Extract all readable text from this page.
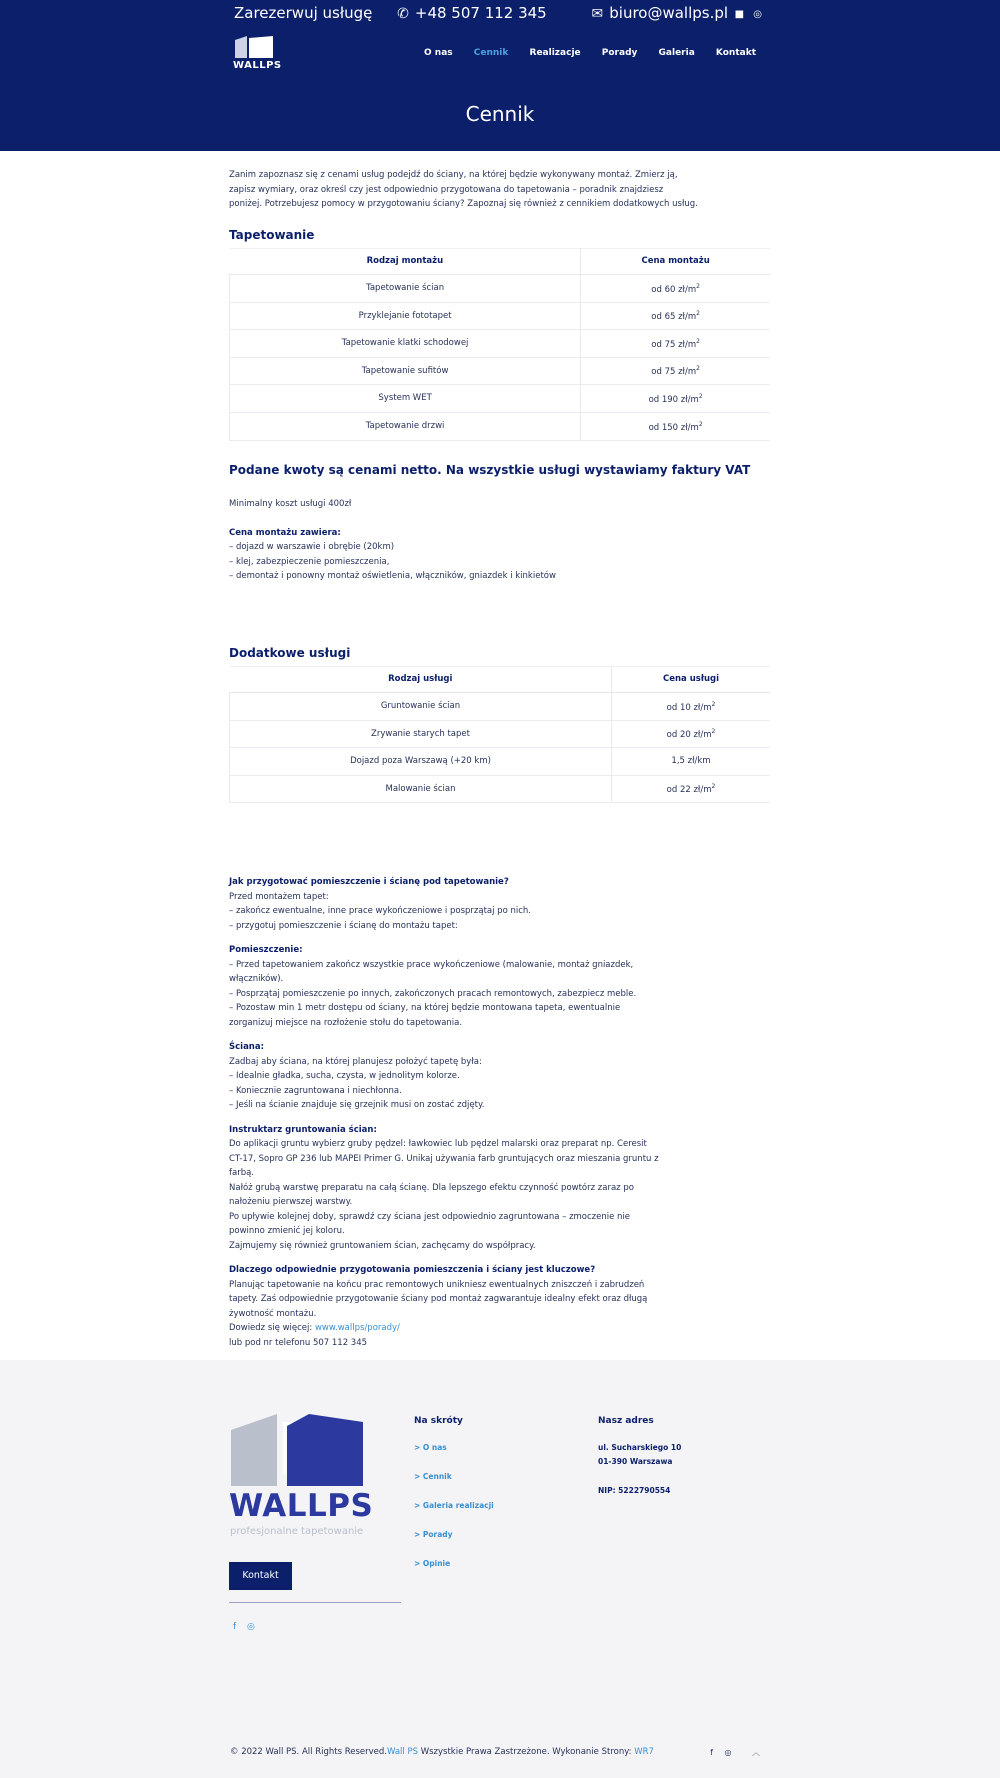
Zarezerwuj usługę ✆ +48 507 112 345	✉ biuro@wallps.pl ■ ◎
WALLPS
O nas Cennik Realizacje Porady Galeria Kontakt
Cennik

Zanim zapoznasz się z cenami usług podejdź do ściany, na której będzie wykonywany montaż. Zmierz ją, zapisz wymiary, oraz określ czy jest odpowiednio przygotowana do tapetowania – poradnik znajdziesz poniżej. Potrzebujesz pomocy w przygotowaniu ściany? Zapoznaj się również z cennikiem dodatkowych usług.

Tapetowanie
Rodzaj montażu	Cena montażu
Tapetowanie ścian	od 60 $zł/m^2$
Przyklejanie fototapet	od 65 $zł/m^2$
Tapetowanie klatki schodowej	od 75 $zł/m^2$
Tapetowanie sufitów	od 75 $zł/m^2$
System WET	od 190 $zł/m^2$
Tapetowanie drzwi	od 150 $zł/m^2$
Podane kwoty są cenami netto. Na wszystkie usługi wystawiamy faktury VAT

Minimalny koszt usługi 400zł

Cena montażu zawiera:

– dojazd w warszawie i obrębie (20km)

– klej, zabezpieczenie pomieszczenia,

– demontaż i ponowny montaż oświetlenia, włączników, gniazdek i kinkietów

Dodatkowe usługi
Rodzaj usługi	Cena usługi
Gruntowanie ścian	od 10 $zł/m^2$
Zrywanie starych tapet	od 20 $zł/m^2$
Dojazd poza Warszawą (+20 km)	1,5 zł/km
Malowanie ścian	od 22 $zł/m^2$

Jak przygotować pomieszczenie i ścianę pod tapetowanie?

Przed montażem tapet:

– zakończ ewentualne, inne prace wykończeniowe i posprzątaj po nich.

– przygotuj pomieszczenie i ścianę do montażu tapet:

Pomieszczenie:

– Przed tapetowaniem zakończ wszystkie prace wykończeniowe (malowanie, montaż gniazdek, włączników).

– Posprzątaj pomieszczenie po innych, zakończonych pracach remontowych, zabezpiecz meble.

– Pozostaw min 1 metr dostępu od ściany, na której będzie montowana tapeta, ewentualnie zorganizuj miejsce na rozłożenie stołu do tapetowania.

Ściana:

Zadbaj aby ściana, na której planujesz położyć tapetę była:

– Idealnie gładka, sucha, czysta, w jednolitym kolorze.

– Koniecznie zagruntowana i niechłonna.

– Jeśli na ścianie znajduje się grzejnik musi on zostać zdjęty.

Instruktarz gruntowania ścian:

Do aplikacji gruntu wybierz gruby pędzel: ławkowiec lub pędzel malarski oraz preparat np. Ceresit CT-17, Sopro GP 236 lub MAPEI Primer G. Unikaj używania farb gruntujących oraz mieszania gruntu z farbą.

Nałóż grubą warstwę preparatu na całą ścianę. Dla lepszego efektu czynność powtórz zaraz po nałożeniu pierwszej warstwy.

Po upływie kolejnej doby, sprawdź czy ściana jest odpowiednio zagruntowana – zmoczenie nie powinno zmienić jej koloru.

Zajmujemy się również gruntowaniem ścian, zachęcamy do współpracy.

Dlaczego odpowiednie przygotowania pomieszczenia i ściany jest kluczowe?

Planując tapetowanie na końcu prac remontowych unikniesz ewentualnych zniszczeń i zabrudzeń tapety. Zaś odpowiednie przygotowanie ściany pod montaż zagwarantuje idealny efekt oraz długą żywotność montażu.

Dowiedz się więcej: www.wallps/porady/

lub pod nr telefonu 507 112 345

WALLPS
profesjonalne tapetowanie
Kontakt
f ◎
Na skróty
> O nas
> Cennik
> Galeria realizacji
> Porady
> Opinie
Nasz adres
ul. Sucharskiego 10
01-390 Warszawa
NIP: 5222790554
© 2022 Wall PS. All Rights Reserved.Wall PS Wszystkie Prawa Zastrzeżone. Wykonanie Strony: WR7	f ◎	︿
